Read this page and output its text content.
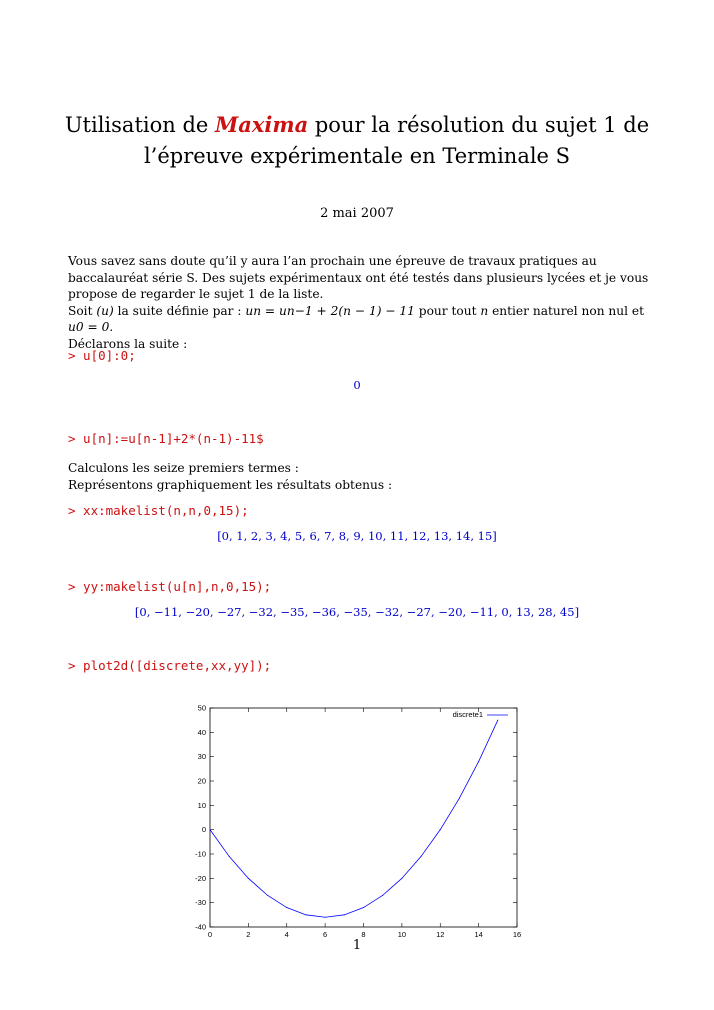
Utilisation de Maxima pour la résolution du sujet 1 de l’épreuve expérimentale en Terminale S
2 mai 2007
Vous savez sans doute qu’il y aura l’an prochain une épreuve de travaux pratiques au baccalauréat série S. Des sujets expérimentaux ont été testés dans plusieurs lycées et je vous propose de regarder le sujet 1 de la liste.
Soit (u) la suite définie par : un = un−1 + 2(n − 1) − 11 pour tout n entier naturel non nul et u0 = 0.
Déclarons la suite :
> u[0]:0;
0
> u[n]:=u[n-1]+2*(n-1)-11$
Calculons les seize premiers termes :
Représentons graphiquement les résultats obtenus :
> xx:makelist(n,n,0,15);
[0, 1, 2, 3, 4, 5, 6, 7, 8, 9, 10, 11, 12, 13, 14, 15]
> yy:makelist(u[n],n,0,15);
[0, −11, −20, −27, −32, −35, −36, −35, −32, −27, −20, −11, 0, 13, 28, 45]
> plot2d([discrete,xx,yy]);
50
40
30
20
10
0
-10
-20
-30
-40
0	2	4	6	8	10	12	14	16
discrete1
1
